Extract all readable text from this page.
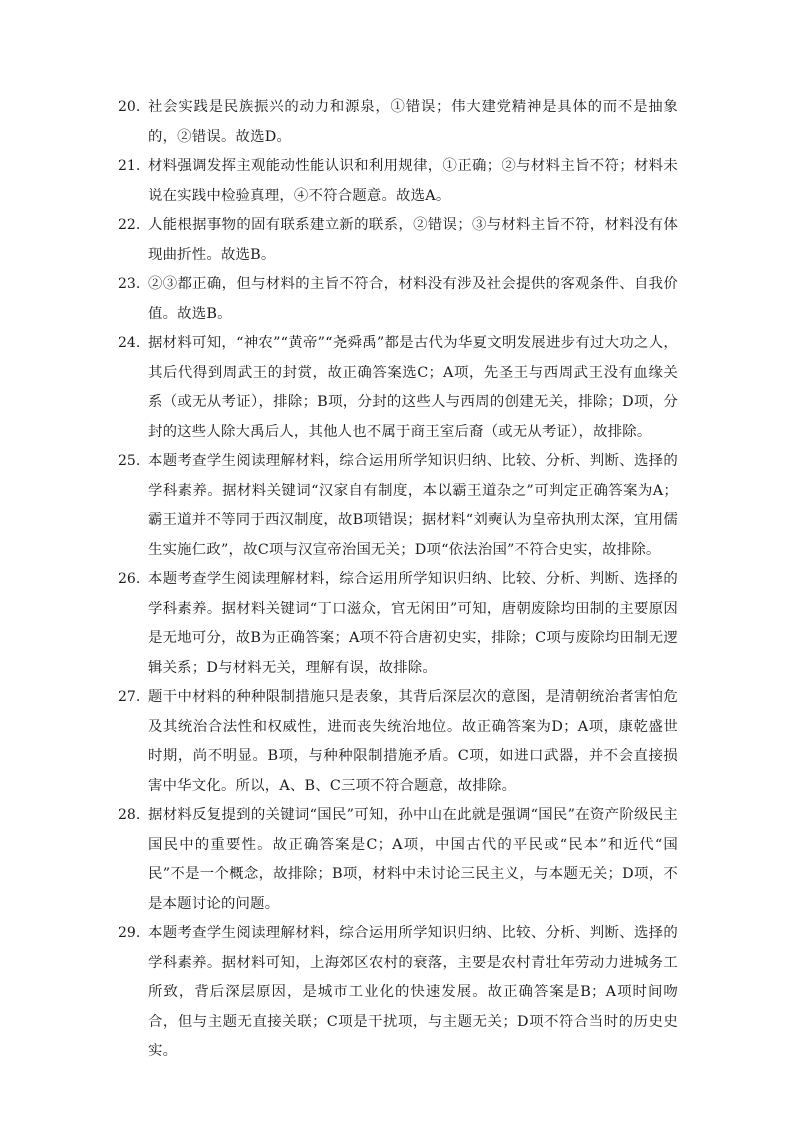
20. 社会实践是民族振兴的动力和源泉，①错误；伟大建党精神是具体的而不是抽象的，②错误。故选D。
21. 材料强调发挥主观能动性能认识和利用规律，①正确；②与材料主旨不符；材料未说在实践中检验真理，④不符合题意。故选A。
22. 人能根据事物的固有联系建立新的联系，②错误；③与材料主旨不符，材料没有体现曲折性。故选B。
23. ②③都正确，但与材料的主旨不符合，材料没有涉及社会提供的客观条件、自我价值。故选B。
24. 据材料可知，“神农”“黄帝”“尧舜禹”都是古代为华夏文明发展进步有过大功之人，其后代得到周武王的封赏，故正确答案选C；A项，先圣王与西周武王没有血缘关系（或无从考证），排除；B项，分封的这些人与西周的创建无关，排除；D项，分封的这些人除大禹后人，其他人也不属于商王室后裔（或无从考证），故排除。
25. 本题考查学生阅读理解材料，综合运用所学知识归纳、比较、分析、判断、选择的学科素养。据材料关键词“汉家自有制度，本以霸王道杂之”可判定正确答案为A；霸王道并不等同于西汉制度，故B项错误；据材料“刘奭认为皇帝执刑太深，宜用儒生实施仁政”，故C项与汉宣帝治国无关；D项“依法治国”不符合史实，故排除。
26. 本题考查学生阅读理解材料，综合运用所学知识归纳、比较、分析、判断、选择的学科素养。据材料关键词“丁口滋众，官无闲田”可知，唐朝废除均田制的主要原因是无地可分，故B为正确答案；A项不符合唐初史实，排除；C项与废除均田制无逻辑关系；D与材料无关，理解有误，故排除。
27. 题干中材料的种种限制措施只是表象，其背后深层次的意图，是清朝统治者害怕危及其统治合法性和权威性，进而丧失统治地位。故正确答案为D；A项，康乾盛世时期，尚不明显。B项，与种种限制措施矛盾。C项，如进口武器，并不会直接损害中华文化。所以，A、B、C三项不符合题意，故排除。
28. 据材料反复提到的关键词“国民”可知，孙中山在此就是强调“国民”在资产阶级民主国民中的重要性。故正确答案是C；A项，中国古代的平民或“民本”和近代“国民”不是一个概念，故排除；B项，材料中未讨论三民主义，与本题无关；D项，不是本题讨论的问题。
29. 本题考查学生阅读理解材料，综合运用所学知识归纳、比较、分析、判断、选择的学科素养。据材料可知，上海郊区农村的衰落，主要是农村青壮年劳动力进城务工所致，背后深层原因，是城市工业化的快速发展。故正确答案是B；A项时间吻合，但与主题无直接关联；C项是干扰项，与主题无关；D项不符合当时的历史史实。
